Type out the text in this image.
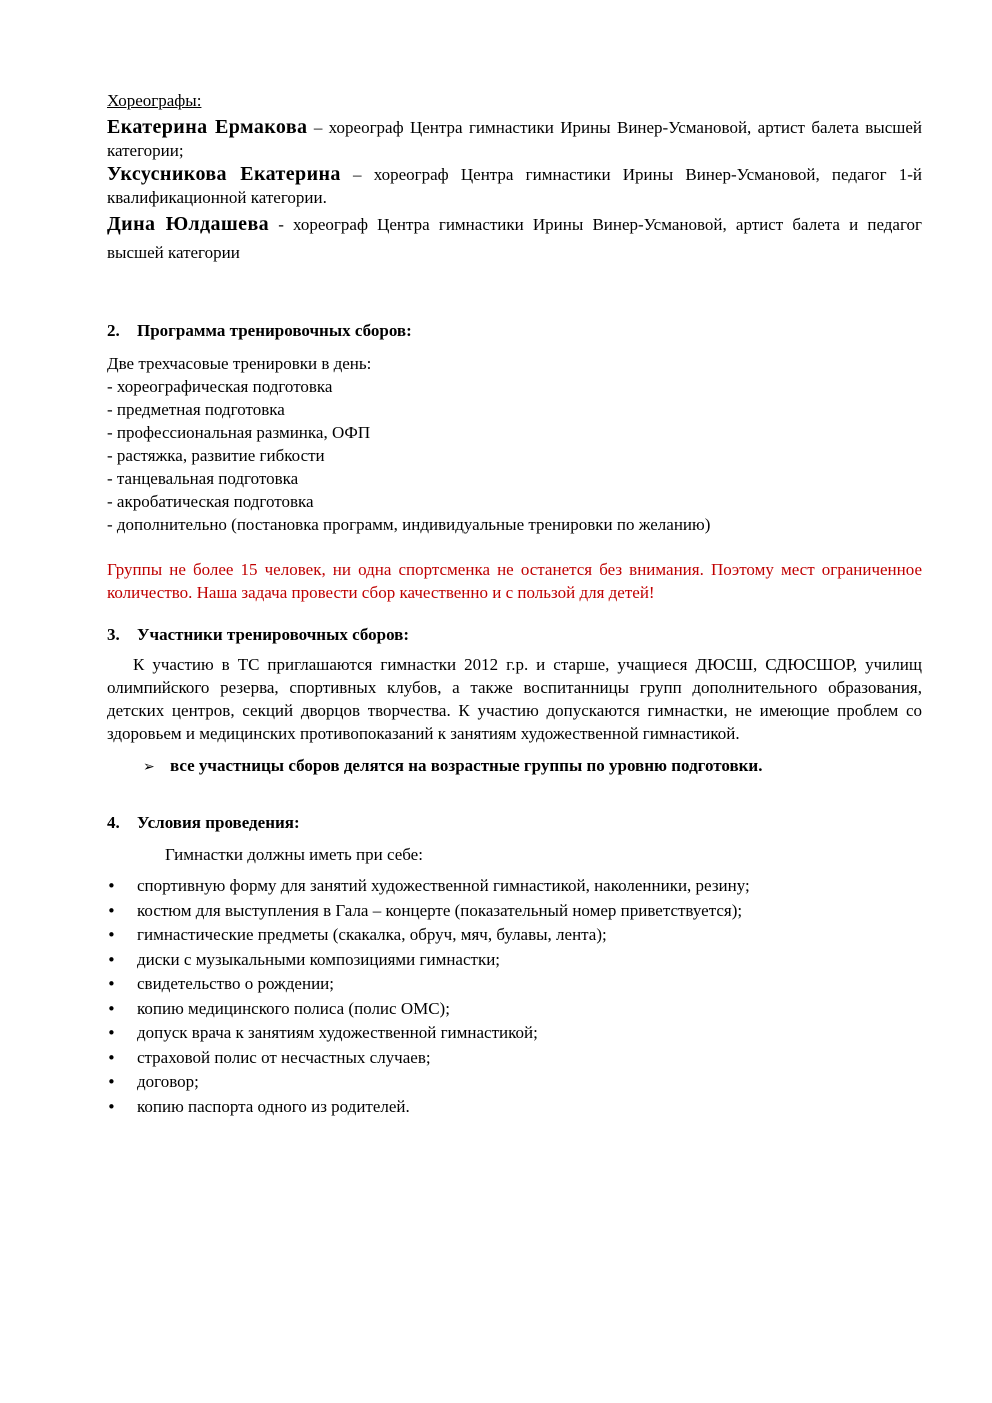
Хореографы:

Екатерина Ермакова – хореограф Центра гимнастики Ирины Винер-Усмановой, артист балета высшей категории;

Уксусникова Екатерина – хореограф Центра гимнастики Ирины Винер-Усмановой, педагог 1-й квалификационной категории.

Дина Юлдашева - хореограф Центра гимнастики Ирины Винер-Усмановой, артист балета и педагог высшей категории

2.	Программа тренировочных сборов:

Две трехчасовые тренировки в день:

- хореографическая подготовка
- предметная подготовка
- профессиональная разминка, ОФП
- растяжка, развитие гибкости
- танцевальная подготовка
- акробатическая подготовка
- дополнительно (постановка программ, индивидуальные тренировки по желанию)

Группы не более 15 человек, ни одна спортсменка не останется без внимания. Поэтому мест ограниченное количество. Наша задача провести сбор качественно и с пользой для детей!

3.	Участники тренировочных сборов:

К участию в ТС приглашаются гимнастки 2012 г.р. и старше, учащиеся ДЮСШ, СДЮСШОР, училищ олимпийского резерва, спортивных клубов, а также воспитанницы групп дополнительного образования, детских центров, секций дворцов творчества. К участию допускаются гимнастки, не имеющие проблем со здоровьем и медицинских противопоказаний к занятиям художественной гимнастикой.

➢ все участницы сборов делятся на возрастные группы по уровню подготовки.
4.	Условия проведения:

Гимнастки должны иметь при себе:

•	спортивную форму для занятий художественной гимнастикой, наколенники, резину;
•	костюм для выступления в Гала – концерте (показательный номер приветствуется);
•	гимнастические предметы (скакалка, обруч, мяч, булавы, лента);
•	диски с музыкальными композициями гимнастки;
•	свидетельство о рождении;
•	копию медицинского полиса (полис ОМС);
•	допуск врача к занятиям художественной гимнастикой;
•	страховой полис от несчастных случаев;
•	договор;
•	копию паспорта одного из родителей.
